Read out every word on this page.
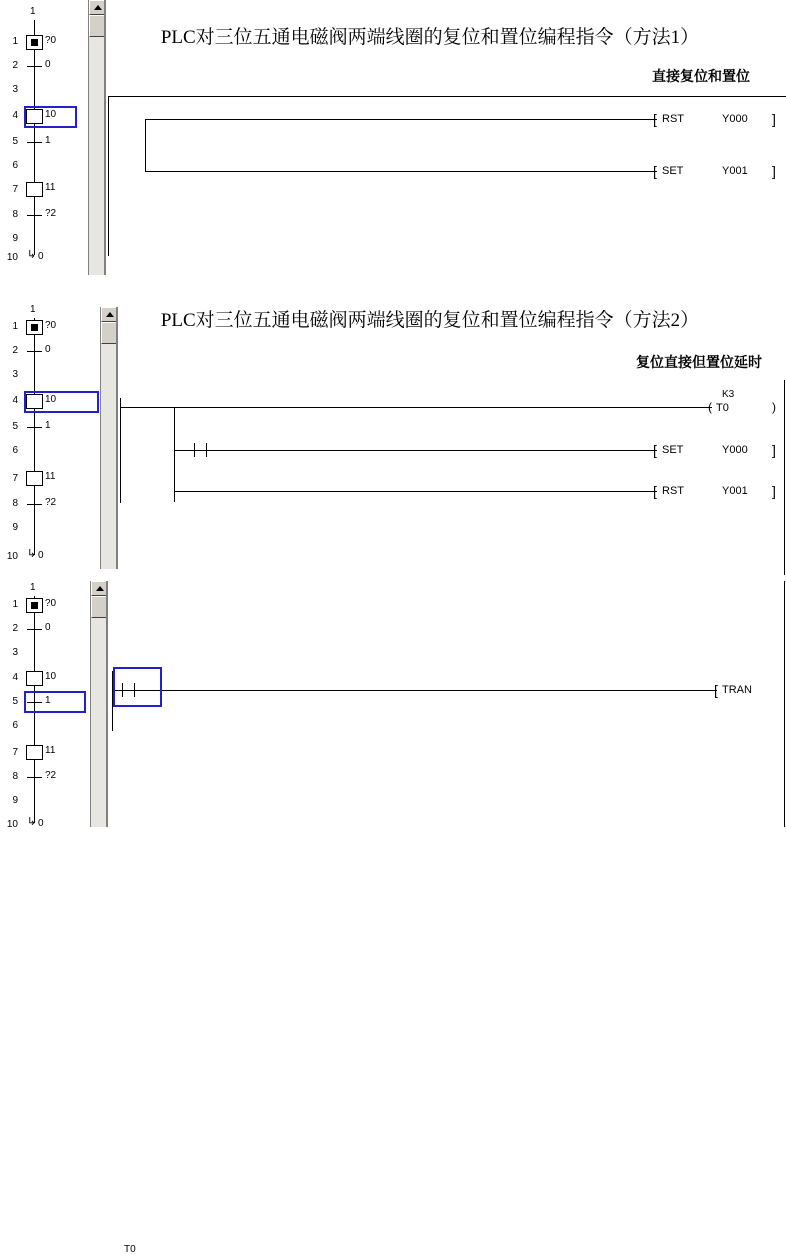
1
1	?0
2	0
3
4	10
5	1
6
7	11
8	?2
9
10 ↳ 0
PLC对三位五通电磁阀两端线圈的复位和置位编程指令（方法1）
直接复位和置位
[ RST	Y000 ]
[ SET	Y001 ]
1
1	?0
2	0
3
4	10
5	1
6
7	11
8	?2
9
10 ↳ 0
PLC对三位五通电磁阀两端线圈的复位和置位编程指令（方法2）
复位直接但置位延时
K3
( T0	)
[ SET	Y000 ]
[ RST	Y001 ]
1
1	?0
2	0
3
4	10
5	1
6
7	11
8	?2
9
10 ↳ 0
T0
[ TRAN
